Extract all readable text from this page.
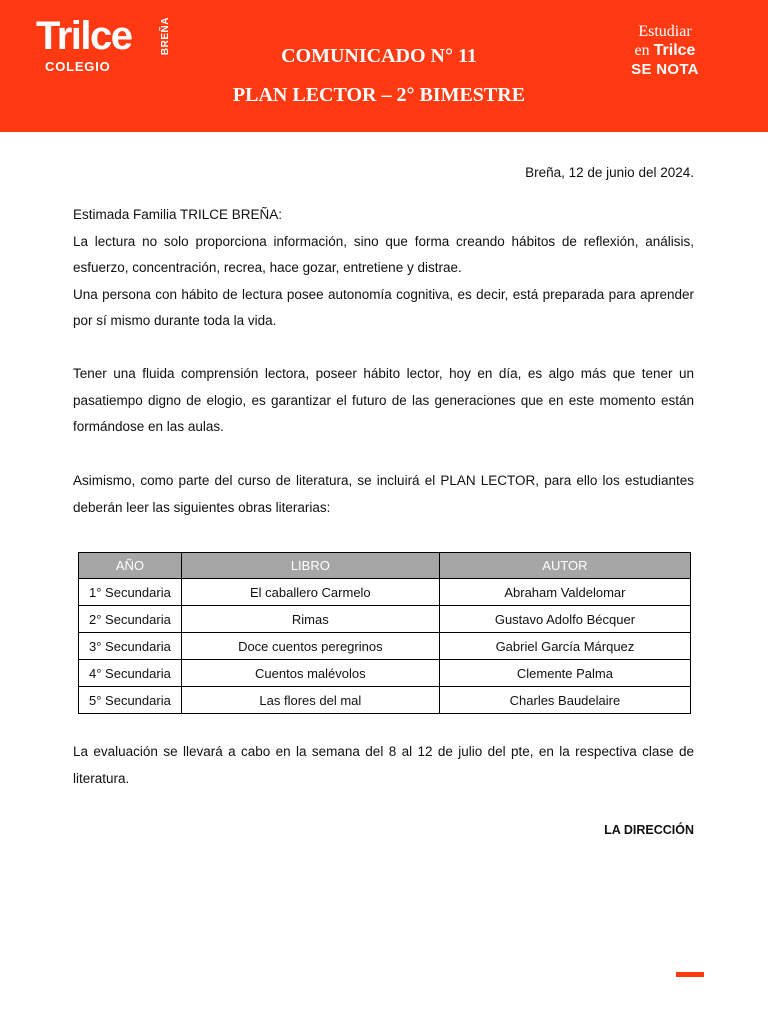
Trilce	BREÑA
COLEGIO	COMUNICADO N° 11
PLAN LECTOR – 2° BIMESTRE
Estudiar
en Trilce
SE NOTA
Breña, 12 de junio del 2024.

Estimada Familia TRILCE BREÑA:

La lectura no solo proporciona información, sino que forma creando hábitos de reflexión, análisis, esfuerzo, concentración, recrea, hace gozar, entretiene y distrae.

Una persona con hábito de lectura posee autonomía cognitiva, es decir, está preparada para aprender por sí mismo durante toda la vida.

Tener una fluida comprensión lectora, poseer hábito lector, hoy en día, es algo más que tener un pasatiempo digno de elogio, es garantizar el futuro de las generaciones que en este momento están formándose en las aulas.

Asimismo, como parte del curso de literatura, se incluirá el PLAN LECTOR, para ello los estudiantes deberán leer las siguientes obras literarias:

AÑO	LIBRO	AUTOR
1° Secundaria	El caballero Carmelo	Abraham Valdelomar
2° Secundaria	Rimas	Gustavo Adolfo Bécquer
3° Secundaria	Doce cuentos peregrinos	Gabriel García Márquez
4° Secundaria	Cuentos malévolos	Clemente Palma
5° Secundaria	Las flores del mal	Charles Baudelaire

La evaluación se llevará a cabo en la semana del 8 al 12 de julio del pte, en la respectiva clase de literatura.

LA DIRECCIÓN
